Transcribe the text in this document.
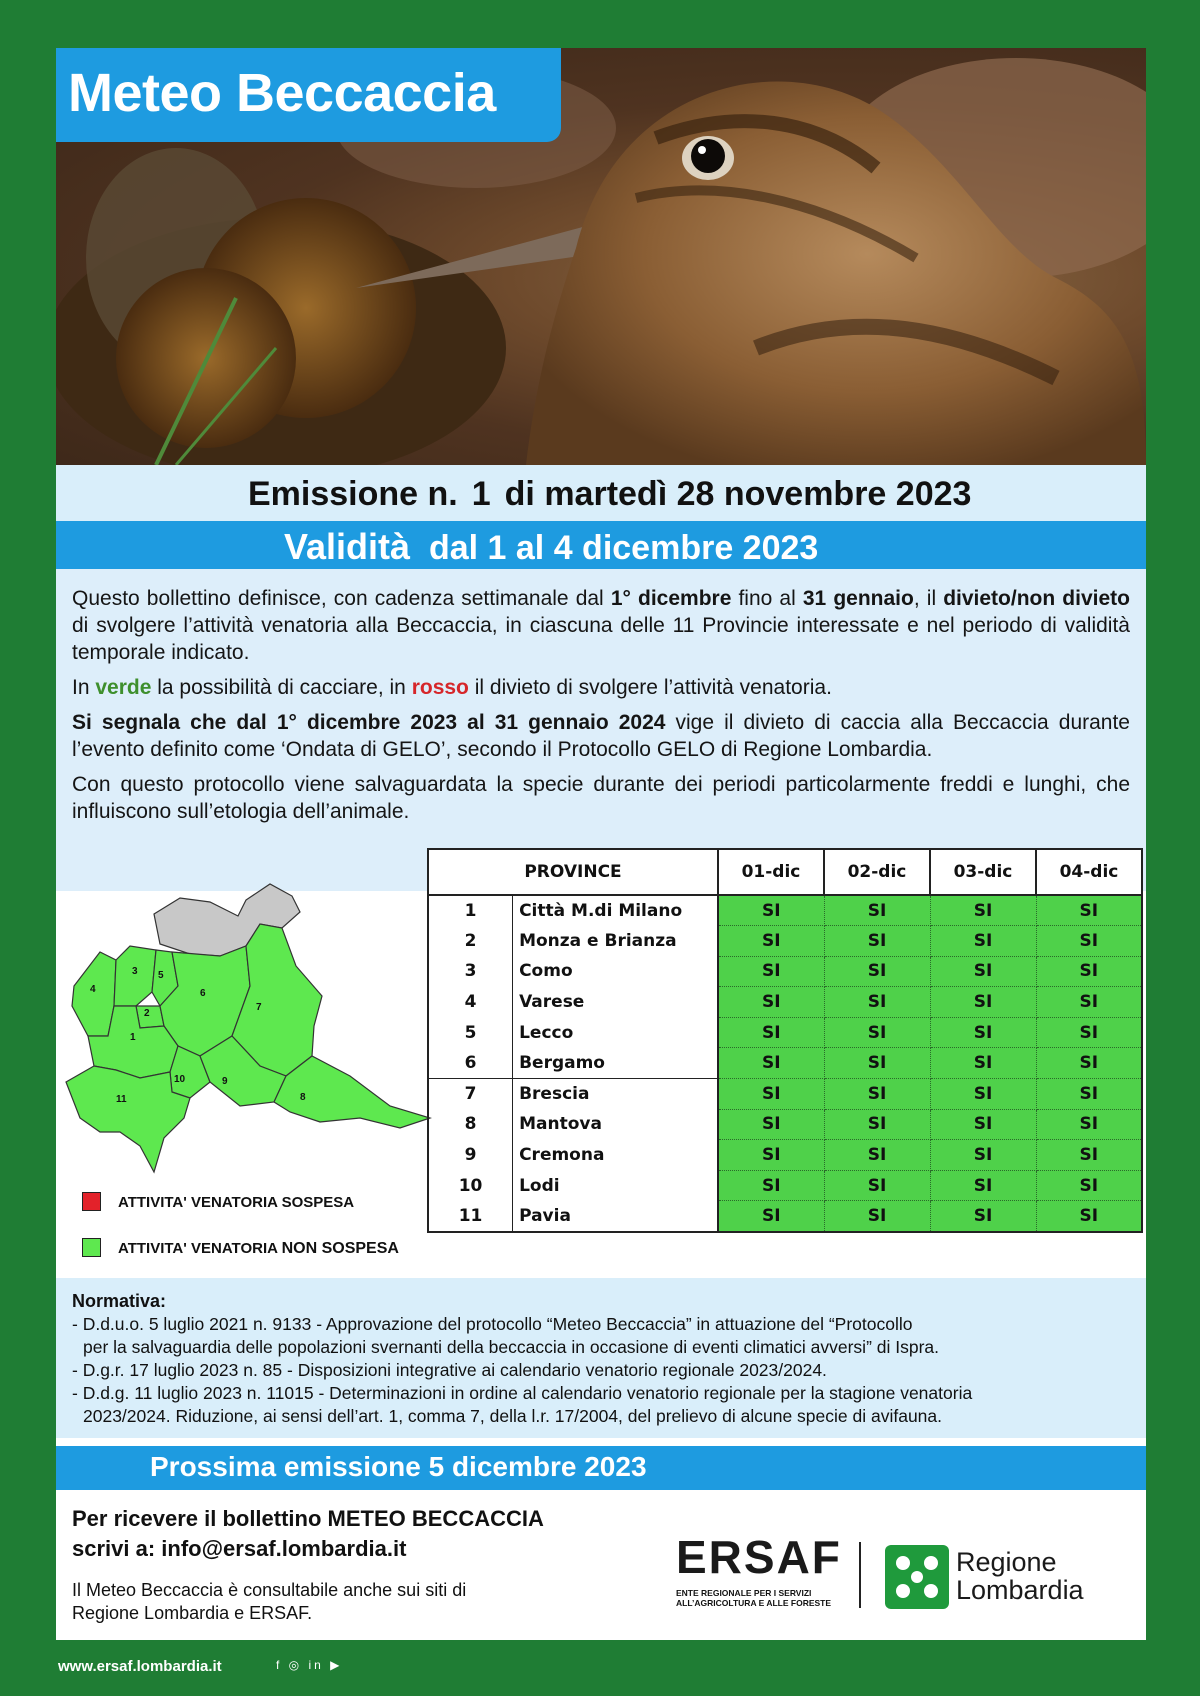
Meteo Beccaccia
Emissione n. 1 di martedì 28 novembre 2023
Validità dal 1 al 4 dicembre 2023

Questo bollettino definisce, con cadenza settimanale dal 1° dicembre fino al 31 gennaio, il divieto/non divieto di svolgere l’attività venatoria alla Beccaccia, in ciascuna delle 11 Provincie interessate e nel periodo di validità temporale indicato.

In verde la possibilità di cacciare, in rosso il divieto di svolgere l’attività venatoria.

Si segnala che dal 1° dicembre 2023 al 31 gennaio 2024 vige il divieto di caccia alla Beccaccia durante l’evento definito come ‘Ondata di GELO’, secondo il Protocollo GELO di Regione Lombardia.

Con questo protocollo viene salvaguardata la specie durante dei periodi particolarmente freddi e lunghi, che influiscono sull’etologia dell’animale.

1
2
3
4
5
6
7
8
9
10
11
ATTIVITA' VENATORIA SOSPESA
ATTIVITA' VENATORIA NON SOSPESA
PROVINCE		01-dic	02-dic	03-dic	04-dic
1	Città M.di Milano	SI	SI	SI	SI
2	Monza e Brianza	SI	SI	SI	SI
3	Como	SI	SI	SI	SI
4	Varese	SI	SI	SI	SI
5	Lecco	SI	SI	SI	SI
6	Bergamo	SI	SI	SI	SI
7	Brescia	SI	SI	SI	SI
8	Mantova	SI	SI	SI	SI
9	Cremona	SI	SI	SI	SI
10	Lodi	SI	SI	SI	SI
11	Pavia	SI	SI	SI	SI
Normativa:
- D.d.u.o. 5 luglio 2021 n. 9133 - Approvazione del protocollo “Meteo Beccaccia” in attuazione del “Protocollo
per la salvaguardia delle popolazioni svernanti della beccaccia in occasione di eventi climatici avversi” di Ispra.
- D.g.r. 17 luglio 2023 n. 85 - Disposizioni integrative ai calendario venatorio regionale 2023/2024.
- D.d.g. 11 luglio 2023 n. 11015 - Determinazioni in ordine al calendario venatorio regionale per la stagione venatoria
2023/2024. Riduzione, ai sensi dell’art. 1, comma 7, della l.r. 17/2004, del prelievo di alcune specie di avifauna.
Prossima emissione 5 dicembre 2023
Per ricevere il bollettino METEO BECCACCIA
scrivi a: info@ersaf.lombardia.it
Il Meteo Beccaccia è consultabile anche sui siti di
Regione Lombardia e ERSAF.
ERSAF
ENTE REGIONALE PER I SERVIZI
ALL’AGRICOLTURA E ALLE FORESTE
Regione
Lombardia
www.ersaf.lombardia.it	f ◎ in ▶
